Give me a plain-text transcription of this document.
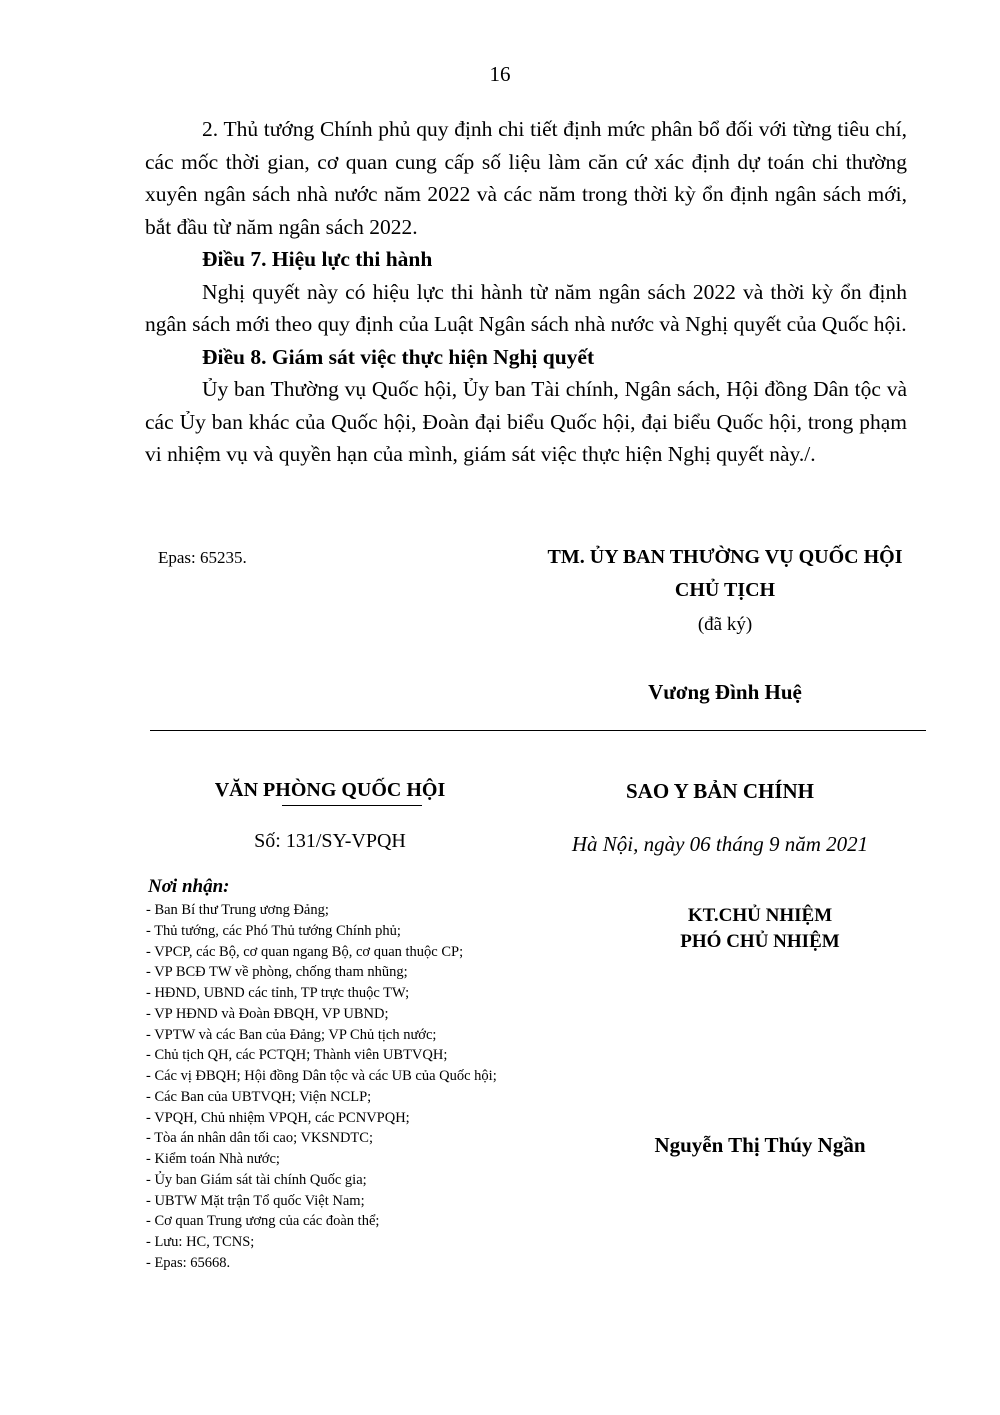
16

2. Thủ tướng Chính phủ quy định chi tiết định mức phân bổ đối với từng tiêu chí, các mốc thời gian, cơ quan cung cấp số liệu làm căn cứ xác định dự toán chi thường xuyên ngân sách nhà nước năm 2022 và các năm trong thời kỳ ổn định ngân sách mới, bắt đầu từ năm ngân sách 2022.

Điều 7. Hiệu lực thi hành

Nghị quyết này có hiệu lực thi hành từ năm ngân sách 2022 và thời kỳ ổn định ngân sách mới theo quy định của Luật Ngân sách nhà nước và Nghị quyết của Quốc hội.

Điều 8. Giám sát việc thực hiện Nghị quyết

Ủy ban Thường vụ Quốc hội, Ủy ban Tài chính, Ngân sách, Hội đồng Dân tộc và các Ủy ban khác của Quốc hội, Đoàn đại biểu Quốc hội, đại biểu Quốc hội, trong phạm vi nhiệm vụ và quyền hạn của mình, giám sát việc thực hiện Nghị quyết này./.

Epas: 65235.	TM. ỦY BAN THƯỜNG VỤ QUỐC HỘI
CHỦ TỊCH
(đã ký)
Vương Đình Huệ
VĂN PHÒNG QUỐC HỘI	SAO Y BẢN CHÍNH
Số: 131/SY-VPQH	Hà Nội, ngày 06 tháng 9 năm 2021
Nơi nhận:
- Ban Bí thư Trung ương Đảng;
- Thủ tướng, các Phó Thủ tướng Chính phủ;
- VPCP, các Bộ, cơ quan ngang Bộ, cơ quan thuộc CP;
- VP BCĐ TW về phòng, chống tham nhũng;
- HĐND, UBND các tỉnh, TP trực thuộc TW;
- VP HĐND và Đoàn ĐBQH, VP UBND;
- VPTW và các Ban của Đảng; VP Chủ tịch nước;
- Chủ tịch QH, các PCTQH; Thành viên UBTVQH;
- Các vị ĐBQH; Hội đồng Dân tộc và các UB của Quốc hội;
- Các Ban của UBTVQH; Viện NCLP;
- VPQH, Chủ nhiệm VPQH, các PCNVPQH;
- Tòa án nhân dân tối cao; VKSNDTC;
- Kiểm toán Nhà nước;
- Ủy ban Giám sát tài chính Quốc gia;
- UBTW Mặt trận Tổ quốc Việt Nam;
- Cơ quan Trung ương của các đoàn thể;
- Lưu: HC, TCNS;
- Epas: 65668.
KT.CHỦ NHIỆM
PHÓ CHỦ NHIỆM
Nguyễn Thị Thúy Ngần
